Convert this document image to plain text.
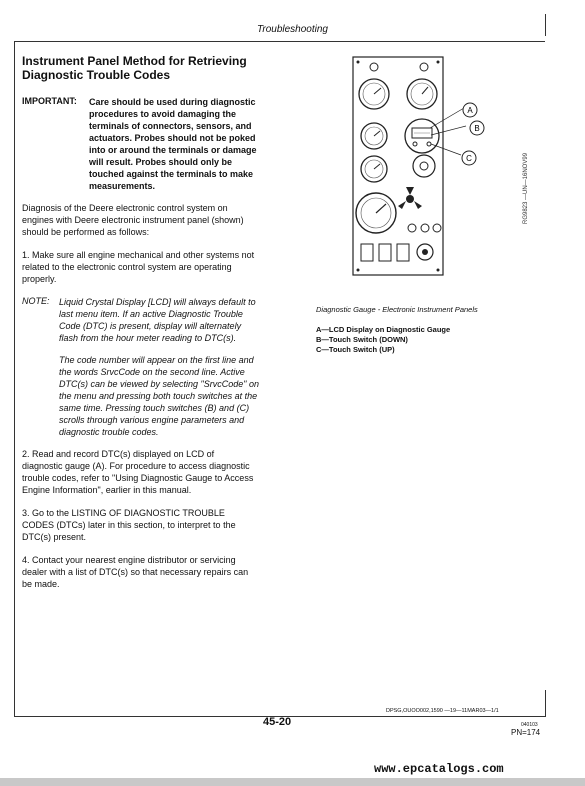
Troubleshooting
Instrument Panel Method for Retrieving
Diagnostic Trouble Codes
IMPORTANT: Care should be used during diagnostic
procedures to avoid damaging the
terminals of connectors, sensors, and
actuators. Probes should not be poked
into or around the terminals or damage
will result. Probes should only be
touched against the terminals to make
measurements.
Diagnosis of the Deere electronic control system on
engines with Deere electronic instrument panel (shown)
should be performed as follows:
1. Make sure all engine mechanical and other systems not
related to the electronic control system are operating
properly.
NOTE: Liquid Crystal Display [LCD] will always default to
last menu item. If an active Diagnostic Trouble
Code (DTC) is present, display will alternately
flash from the hour meter reading to DTC(s).
The code number will appear on the first line and
the words SrvcCode on the second line. Active
DTC(s) can be viewed by selecting "SrvcCode" on
the menu and pressing both touch switches at the
same time. Pressing touch switches (B) and (C)
scrolls through various engine parameters and
diagnostic trouble codes.
2. Read and record DTC(s) displayed on LCD of
diagnostic gauge (A). For procedure to access diagnostic
trouble codes, refer to "Using Diagnostic Gauge to Access
Engine Information", earlier in this manual.
3. Go to the LISTING OF DIAGNOSTIC TROUBLE
CODES (DTCs) later in this section, to interpret to the
DTC(s) present.
4. Contact your nearest engine distributor or servicing
dealer with a list of DTC(s) so that necessary repairs can
be made.
A
B
C	RG9823 —UN—16NOV99
Diagnostic Gauge - Electronic Instrument Panels
A—LCD Display on Diagnostic Gauge
B—Touch Switch (DOWN)
C—Touch Switch (UP)
DPSG,OUOO002,1590 —19—11MAR03—1/1
45-20	040103
PN=174
www.epcatalogs.com
